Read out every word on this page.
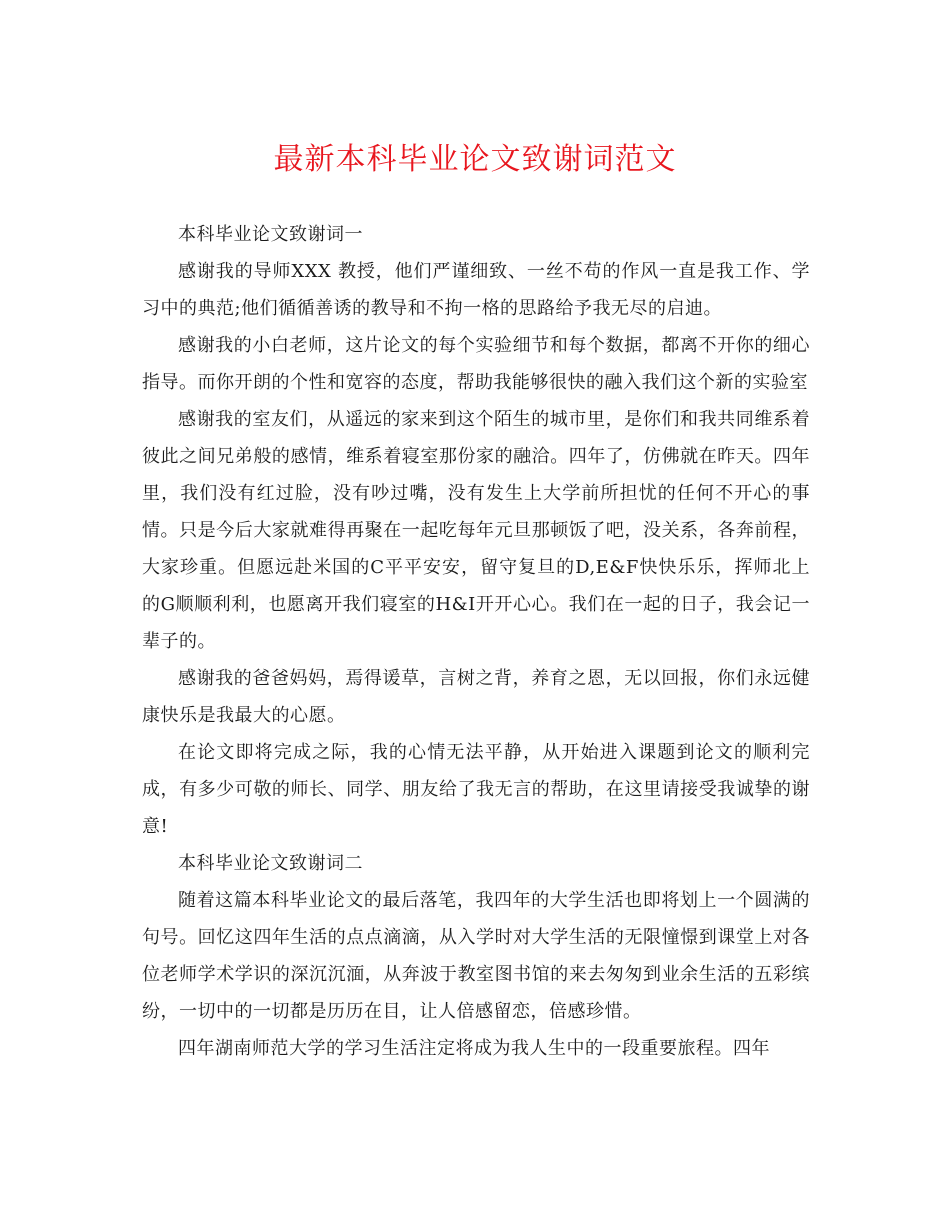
最新本科毕业论文致谢词范文

本科毕业论文致谢词一

感谢我的导师XXX 教授，他们严谨细致、一丝不苟的作风一直是我工作、学习中的典范;他们循循善诱的教导和不拘一格的思路给予我无尽的启迪。

感谢我的小白老师，这片论文的每个实验细节和每个数据，都离不开你的细心指导。而你开朗的个性和宽容的态度，帮助我能够很快的融入我们这个新的实验室

感谢我的室友们，从遥远的家来到这个陌生的城市里，是你们和我共同维系着彼此之间兄弟般的感情，维系着寝室那份家的融洽。四年了，仿佛就在昨天。四年里，我们没有红过脸，没有吵过嘴，没有发生上大学前所担忧的任何不开心的事情。只是今后大家就难得再聚在一起吃每年元旦那顿饭了吧，没关系，各奔前程，大家珍重。但愿远赴米国的C平平安安，留守复旦的D,E&F快快乐乐，挥师北上的G顺顺利利，也愿离开我们寝室的H&I开开心心。我们在一起的日子，我会记一辈子的。

感谢我的爸爸妈妈，焉得谖草，言树之背，养育之恩，无以回报，你们永远健康快乐是我最大的心愿。

在论文即将完成之际，我的心情无法平静，从开始进入课题到论文的顺利完成，有多少可敬的师长、同学、朋友给了我无言的帮助，在这里请接受我诚挚的谢意!

本科毕业论文致谢词二

随着这篇本科毕业论文的最后落笔，我四年的大学生活也即将划上一个圆满的句号。回忆这四年生活的点点滴滴，从入学时对大学生活的无限憧憬到课堂上对各位老师学术学识的深沉沉湎，从奔波于教室图书馆的来去匆匆到业余生活的五彩缤纷，一切中的一切都是历历在目，让人倍感留恋，倍感珍惜。

四年湖南师范大学的学习生活注定将成为我人生中的一段重要旅程。四年
